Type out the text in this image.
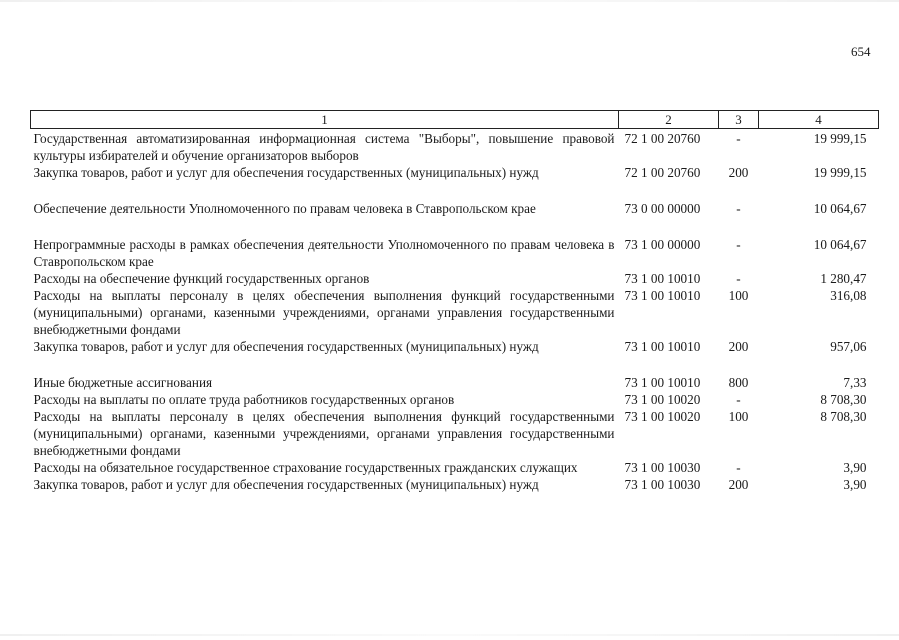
654
1	2	3	4
Государственная автоматизированная информационная система "Выборы", повышение правовой культуры избирателей и обучение организаторов выборов	72 1 00 20760	-	19 999,15
Закупка товаров, работ и услуг для обеспечения государственных (муниципальных) нужд	72 1 00 20760	200	19 999,15
Обеспечение деятельности Уполномоченного по правам человека в Ставропольском крае	73 0 00 00000	-	10 064,67
Непрограммные расходы в рамках обеспечения деятельности Уполномоченного по правам человека в Ставропольском крае	73 1 00 00000	-	10 064,67
Расходы на обеспечение функций государственных органов	73 1 00 10010	-	1 280,47
Расходы на выплаты персоналу в целях обеспечения выполнения функций государственными (муниципальными) органами, казенными учреждениями, органами управления государственными внебюджетными фондами	73 1 00 10010	100	316,08
Закупка товаров, работ и услуг для обеспечения государственных (муниципальных) нужд	73 1 00 10010	200	957,06
Иные бюджетные ассигнования	73 1 00 10010	800	7,33
Расходы на выплаты по оплате труда работников государственных органов	73 1 00 10020	-	8 708,30
Расходы на выплаты персоналу в целях обеспечения выполнения функций государственными (муниципальными) органами, казенными учреждениями, органами управления государственными внебюджетными фондами	73 1 00 10020	100	8 708,30
Расходы на обязательное государственное страхование государственных гражданских служащих	73 1 00 10030	-	3,90
Закупка товаров, работ и услуг для обеспечения государственных (муниципальных) нужд	73 1 00 10030	200	3,90
